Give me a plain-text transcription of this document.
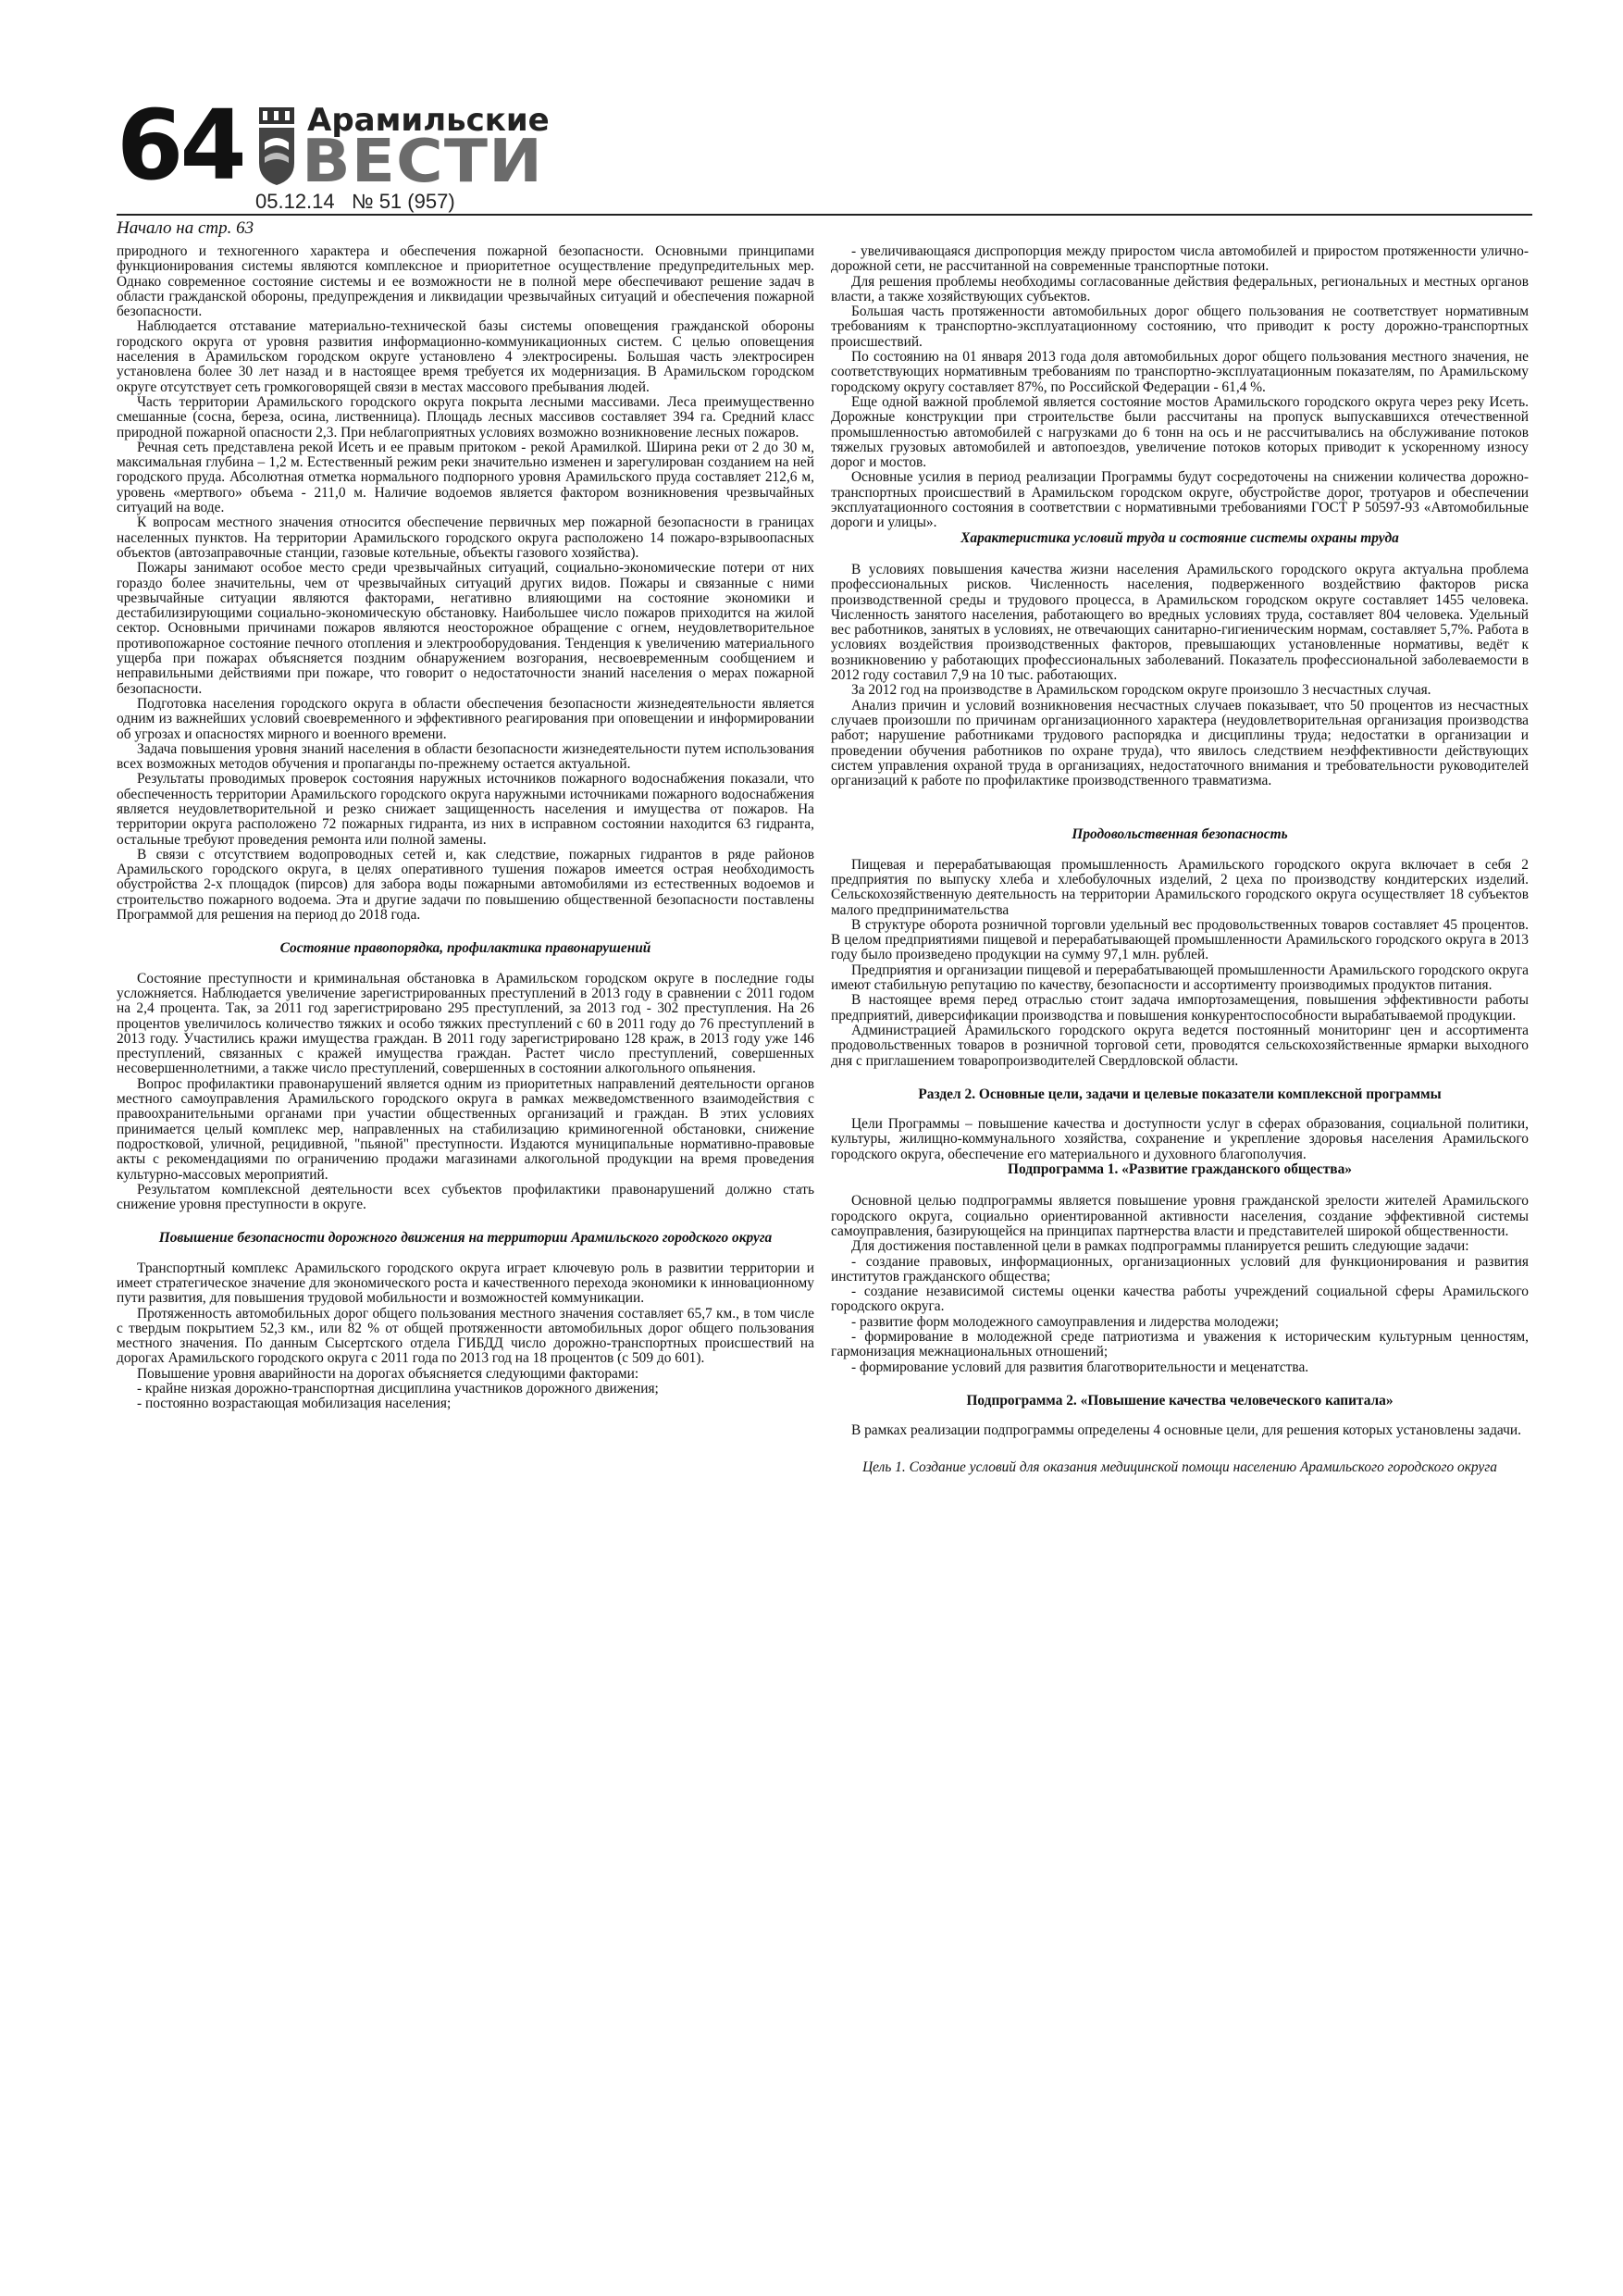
64 Арамильские
ВЕСТИ
05.12.14 № 51 (957)
Начало на стр. 63

природного и техногенного характера и обеспечения пожарной безопасности. Основными принципами функционирования системы являются комплексное и приоритетное осуществление предупредительных мер. Однако современное состояние системы и ее возможности не в полной мере обеспечивают решение задач в области гражданской обороны, предупреждения и ликвидации чрезвычайных ситуаций и обеспечения пожарной безопасности.

Наблюдается отставание материально-технической базы системы оповещения гражданской обороны городского округа от уровня развития информационно-коммуникационных систем. С целью оповещения населения в Арамильском городском округе установлено 4 электросирены. Большая часть электросирен установлена более 30 лет назад и в настоящее время требуется их модернизация. В Арамильском городском округе отсутствует сеть громкоговорящей связи в местах массового пребывания людей.

Часть территории Арамильского городского округа покрыта лесными массивами. Леса преимущественно смешанные (сосна, береза, осина, лиственница). Площадь лесных массивов составляет 394 га. Средний класс природной пожарной опасности 2,3. При неблагоприятных условиях возможно возникновение лесных пожаров.

Речная сеть представлена рекой Исеть и ее правым притоком - рекой Арамилкой. Ширина реки от 2 до 30 м, максимальная глубина – 1,2 м. Естественный режим реки значительно изменен и зарегулирован созданием на ней городского пруда. Абсолютная отметка нормального подпорного уровня Арамильского пруда составляет 212,6 м, уровень «мертвого» объема - 211,0 м. Наличие водоемов является фактором возникновения чрезвычайных ситуаций на воде.

К вопросам местного значения относится обеспечение первичных мер пожарной безопасности в границах населенных пунктов. На территории Арамильского городского округа расположено 14 пожаро-взрывоопасных объектов (автозаправочные станции, газовые котельные, объекты газового хозяйства).

Пожары занимают особое место среди чрезвычайных ситуаций, социально-экономические потери от них гораздо более значительны, чем от чрезвычайных ситуаций других видов. Пожары и связанные с ними чрезвычайные ситуации являются факторами, негативно влияющими на состояние экономики и дестабилизирующими социально-экономическую обстановку. Наибольшее число пожаров приходится на жилой сектор. Основными причинами пожаров являются неосторожное обращение с огнем, неудовлетворительное противопожарное состояние печного отопления и электрооборудования. Тенденция к увеличению материального ущерба при пожарах объясняется поздним обнаружением возгорания, несвоевременным сообщением и неправильными действиями при пожаре, что говорит о недостаточности знаний населения о мерах пожарной безопасности.

Подготовка населения городского округа в области обеспечения безопасности жизнедеятельности является одним из важнейших условий своевременного и эффективного реагирования при оповещении и информировании об угрозах и опасностях мирного и военного времени.

Задача повышения уровня знаний населения в области безопасности жизнедеятельности путем использования всех возможных методов обучения и пропаганды по-прежнему остается актуальной.

Результаты проводимых проверок состояния наружных источников пожарного водоснабжения показали, что обеспеченность территории Арамильского городского округа наружными источниками пожарного водоснабжения является неудовлетворительной и резко снижает защищенность населения и имущества от пожаров. На территории округа расположено 72 пожарных гидранта, из них в исправном состоянии находится 63 гидранта, остальные требуют проведения ремонта или полной замены.

В связи с отсутствием водопроводных сетей и, как следствие, пожарных гидрантов в ряде районов Арамильского городского округа, в целях оперативного тушения пожаров имеется острая необходимость обустройства 2-х площадок (пирсов) для забора воды пожарными автомобилями из естественных водоемов и строительство пожарного водоема. Эта и другие задачи по повышению общественной безопасности поставлены Программой для решения на период до 2018 года.

Состояние правопорядка, профилактика правонарушений

Состояние преступности и криминальная обстановка в Арамильском городском округе в последние годы усложняется. Наблюдается увеличение зарегистрированных преступлений в 2013 году в сравнении с 2011 годом на 2,4 процента. Так, за 2011 год зарегистрировано 295 преступлений, за 2013 год - 302 преступления. На 26 процентов увеличилось количество тяжких и особо тяжких преступлений с 60 в 2011 году до 76 преступлений в 2013 году. Участились кражи имущества граждан. В 2011 году зарегистрировано 128 краж, в 2013 году уже 146 преступлений, связанных с кражей имущества граждан. Растет число преступлений, совершенных несовершеннолетними, а также число преступлений, совершенных в состоянии алкогольного опьянения.

Вопрос профилактики правонарушений является одним из приоритетных направлений деятельности органов местного самоуправления Арамильского городского округа в рамках межведомственного взаимодействия с правоохранительными органами при участии общественных организаций и граждан. В этих условиях принимается целый комплекс мер, направленных на стабилизацию криминогенной обстановки, снижение подростковой, уличной, рецидивной, "пьяной" преступности. Издаются муниципальные нормативно-правовые акты с рекомендациями по ограничению продажи магазинами алкогольной продукции на время проведения культурно-массовых мероприятий.

Результатом комплексной деятельности всех субъектов профилактики правонарушений должно стать снижение уровня преступности в округе.

Повышение безопасности дорожного движения на территории Арамильского городского округа

Транспортный комплекс Арамильского городского округа играет ключевую роль в развитии территории и имеет стратегическое значение для экономического роста и качественного перехода экономики к инновационному пути развития, для повышения трудовой мобильности и возможностей коммуникации.

Протяженность автомобильных дорог общего пользования местного значения составляет 65,7 км., в том числе с твердым покрытием 52,3 км., или 82 % от общей протяженности автомобильных дорог общего пользования местного значения. По данным Сысертского отдела ГИБДД число дорожно-транспортных происшествий на дорогах Арамильского городского округа с 2011 года по 2013 год на 18 процентов (с 509 до 601).

Повышение уровня аварийности на дорогах объясняется следующими факторами:

- крайне низкая дорожно-транспортная дисциплина участников дорожного движения;

- постоянно возрастающая мобилизация населения;

- увеличивающаяся диспропорция между приростом числа автомобилей и приростом протяженности улично-дорожной сети, не рассчитанной на современные транспортные потоки.

Для решения проблемы необходимы согласованные действия федеральных, региональных и местных органов власти, а также хозяйствующих субъектов.

Большая часть протяженности автомобильных дорог общего пользования не соответствует нормативным требованиям к транспортно-эксплуатационному состоянию, что приводит к росту дорожно-транспортных происшествий.

По состоянию на 01 января 2013 года доля автомобильных дорог общего пользования местного значения, не соответствующих нормативным требованиям по транспортно-эксплуатационным показателям, по Арамильскому городскому округу составляет 87%, по Российской Федерации - 61,4 %.

Еще одной важной проблемой является состояние мостов Арамильского городского округа через реку Исеть. Дорожные конструкции при строительстве были рассчитаны на пропуск выпускавшихся отечественной промышленностью автомобилей с нагрузками до 6 тонн на ось и не рассчитывались на обслуживание потоков тяжелых грузовых автомобилей и автопоездов, увеличение потоков которых приводит к ускоренному износу дорог и мостов.

Основные усилия в период реализации Программы будут сосредоточены на снижении количества дорожно-транспортных происшествий в Арамильском городском округе, обустройстве дорог, тротуаров и обеспечении эксплуатационного состояния в соответствии с нормативными требованиями ГОСТ Р 50597-93 «Автомобильные дороги и улицы».

Характеристика условий труда и состояние системы охраны труда

В условиях повышения качества жизни населения Арамильского городского округа актуальна проблема профессиональных рисков. Численность населения, подверженного воздействию факторов риска производственной среды и трудового процесса, в Арамильском городском округе составляет 1455 человека. Численность занятого населения, работающего во вредных условиях труда, составляет 804 человека. Удельный вес работников, занятых в условиях, не отвечающих санитарно-гигиеническим нормам, составляет 5,7%. Работа в условиях воздействия производственных факторов, превышающих установленные нормативы, ведёт к возникновению у работающих профессиональных заболеваний. Показатель профессиональной заболеваемости в 2012 году составил 7,9 на 10 тыс. работающих.

За 2012 год на производстве в Арамильском городском округе произошло 3 несчастных случая.

Анализ причин и условий возникновения несчастных случаев показывает, что 50 процентов из несчастных случаев произошли по причинам организационного характера (неудовлетворительная организация производства работ; нарушение работниками трудового распорядка и дисциплины труда; недостатки в организации и проведении обучения работников по охране труда), что явилось следствием неэффективности действующих систем управления охраной труда в организациях, недостаточного внимания и требовательности руководителей организаций к работе по профилактике производственного травматизма.

Продовольственная безопасность

Пищевая и перерабатывающая промышленность Арамильского городского округа включает в себя 2 предприятия по выпуску хлеба и хлебобулочных изделий, 2 цеха по производству кондитерских изделий. Сельскохозяйственную деятельность на территории Арамильского городского округа осуществляет 18 субъектов малого предпринимательства

В структуре оборота розничной торговли удельный вес продовольственных товаров составляет 45 процентов. В целом предприятиями пищевой и перерабатывающей промышленности Арамильского городского округа в 2013 году было произведено продукции на сумму 97,1 млн. рублей.

Предприятия и организации пищевой и перерабатывающей промышленности Арамильского городского округа имеют стабильную репутацию по качеству, безопасности и ассортименту производимых продуктов питания.

В настоящее время перед отраслью стоит задача импортозамещения, повышения эффективности работы предприятий, диверсификации производства и повышения конкурентоспособности вырабатываемой продукции.

Администрацией Арамильского городского округа ведется постоянный мониторинг цен и ассортимента продовольственных товаров в розничной торговой сети, проводятся сельскохозяйственные ярмарки выходного дня с приглашением товаропроизводителей Свердловской области.

Раздел 2. Основные цели, задачи и целевые показатели комплексной программы

Цели Программы – повышение качества и доступности услуг в сферах образования, социальной политики, культуры, жилищно-коммунального хозяйства, сохранение и укрепление здоровья населения Арамильского городского округа, обеспечение его материального и духовного благополучия.

Подпрограмма 1. «Развитие гражданского общества»

Основной целью подпрограммы является повышение уровня гражданской зрелости жителей Арамильского городского округа, социально ориентированной активности населения, создание эффективной системы самоуправления, базирующейся на принципах партнерства власти и представителей широкой общественности.

Для достижения поставленной цели в рамках подпрограммы планируется решить следующие задачи:

- создание правовых, информационных, организационных условий для функционирования и развития институтов гражданского общества;

- создание независимой системы оценки качества работы учреждений социальной сферы Арамильского городского округа.

- развитие форм молодежного самоуправления и лидерства молодежи;

- формирование в молодежной среде патриотизма и уважения к историческим культурным ценностям, гармонизация межнациональных отношений;

- формирование условий для развития благотворительности и меценатства.

Подпрограмма 2. «Повышение качества человеческого капитала»

В рамках реализации подпрограммы определены 4 основные цели, для решения которых установлены задачи.

Цель 1. Создание условий для оказания медицинской помощи населению Арамильского городского округа
